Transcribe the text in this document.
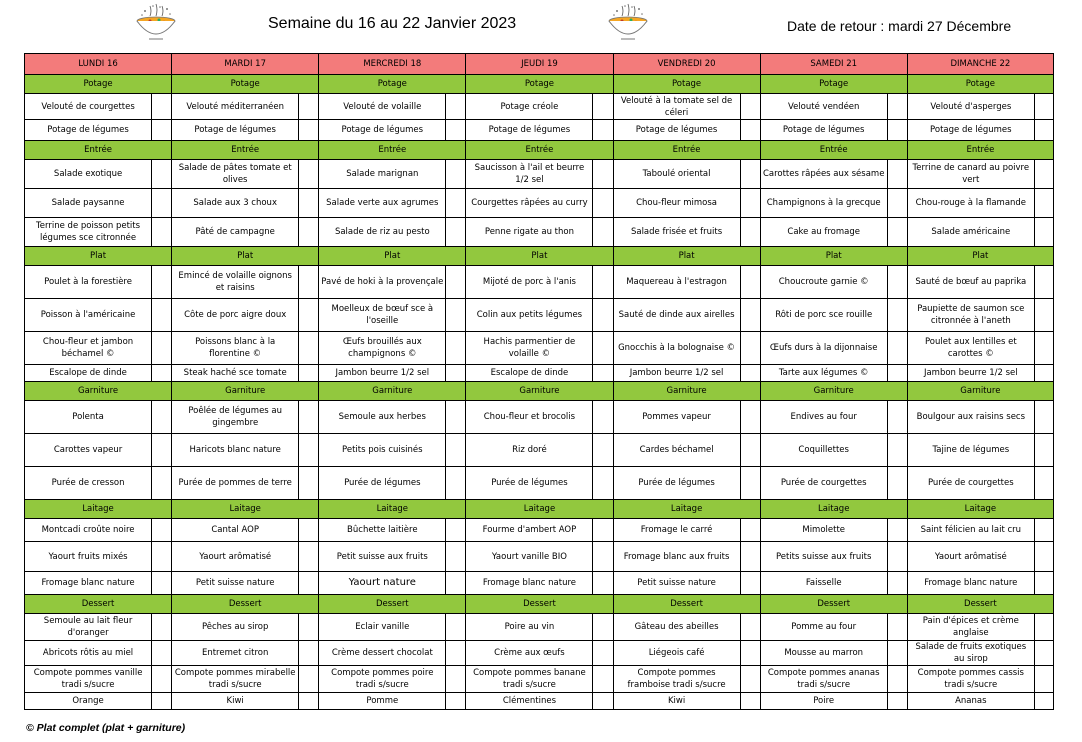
Semaine du 16 au 22 Janvier 2023	Date de retour : mardi 27 Décembre
LUNDI 16		MARDI 17		MERCREDI 18		JEUDI 19		VENDREDI 20		SAMEDI 21		DIMANCHE 22	
Potage		Potage		Potage		Potage		Potage		Potage		Potage	
Velouté de courgettes		Velouté méditerranéen		Velouté de volaille		Potage créole		Velouté à la tomate sel de céleri		Velouté vendéen		Velouté d'asperges	
Potage de légumes		Potage de légumes		Potage de légumes		Potage de légumes		Potage de légumes		Potage de légumes		Potage de légumes	
Entrée		Entrée		Entrée		Entrée		Entrée		Entrée		Entrée	
Salade exotique		Salade de pâtes tomate et olives		Salade marignan		Saucisson à l'ail et beurre 1/2 sel		Taboulé oriental		Carottes râpées aux sésame		Terrine de canard au poivre vert	
Salade paysanne		Salade aux 3 choux		Salade verte aux agrumes		Courgettes râpées au curry		Chou-fleur mimosa		Champignons à la grecque		Chou-rouge à la flamande	
Terrine de poisson petits légumes sce citronnée		Pâté de campagne		Salade de riz au pesto		Penne rigate au thon		Salade frisée et fruits		Cake au fromage		Salade américaine	
Plat		Plat		Plat		Plat		Plat		Plat		Plat	
Poulet à la forestière		Emincé de volaille oignons et raisins		Pavé de hoki à la provençale		Mijoté de porc à l'anis		Maquereau à l'estragon		Choucroute garnie ©		Sauté de bœuf au paprika	
Poisson à l'américaine		Côte de porc aigre doux		Moelleux de bœuf sce à l'oseille		Colin aux petits légumes		Sauté de dinde aux airelles		Rôti de porc sce rouille		Paupiette de saumon sce citronnée à l'aneth	
Chou-fleur et jambon béchamel ©		Poissons blanc à la florentine ©		Œufs brouillés aux champignons ©		Hachis parmentier de volaille ©		Gnocchis à la bolognaise ©		Œufs durs à la dijonnaise		Poulet aux lentilles et carottes ©	
Escalope de dinde		Steak haché sce tomate		Jambon beurre 1/2 sel		Escalope de dinde		Jambon beurre 1/2 sel		Tarte aux légumes ©		Jambon beurre 1/2 sel	
Garniture		Garniture		Garniture		Garniture		Garniture		Garniture		Garniture	
Polenta		Poêlée de légumes au gingembre		Semoule aux herbes		Chou-fleur et brocolis		Pommes vapeur		Endives au four		Boulgour aux raisins secs	
Carottes vapeur		Haricots blanc nature		Petits pois cuisinés		Riz doré		Cardes béchamel		Coquillettes		Tajine de légumes	
Purée de cresson		Purée de pommes de terre		Purée de légumes		Purée de légumes		Purée de légumes		Purée de courgettes		Purée de courgettes	
Laitage		Laitage		Laitage		Laitage		Laitage		Laitage		Laitage	
Montcadi croûte noire		Cantal AOP		Bûchette laitière		Fourme d'ambert AOP		Fromage le carré		Mimolette		Saint félicien au lait cru	
Yaourt fruits mixés		Yaourt arômatisé		Petit suisse aux fruits		Yaourt vanille BIO		Fromage blanc aux fruits		Petits suisse aux fruits		Yaourt arômatisé	
Fromage blanc nature		Petit suisse nature		Yaourt nature		Fromage blanc nature		Petit suisse nature		Faisselle		Fromage blanc nature	
Dessert		Dessert		Dessert		Dessert		Dessert		Dessert		Dessert	
Semoule au lait fleur d'oranger		Pêches au sirop		Eclair vanille		Poire au vin		Gâteau des abeilles		Pomme au four		Pain d'épices et crème anglaise	
Abricots rôtis au miel		Entremet citron		Crème dessert chocolat		Crème aux œufs		Liégeois café		Mousse au marron		Salade de fruits exotiques au sirop	
Compote pommes vanille tradi s/sucre		Compote pommes mirabelle tradi s/sucre		Compote pommes poire tradi s/sucre		Compote pommes banane tradi s/sucre		Compote pommes framboise tradi s/sucre		Compote pommes ananas tradi s/sucre		Compote pommes cassis tradi s/sucre	
Orange		Kiwi		Pomme		Clémentines		Kiwi		Poire		Ananas	
© Plat complet (plat + garniture)
